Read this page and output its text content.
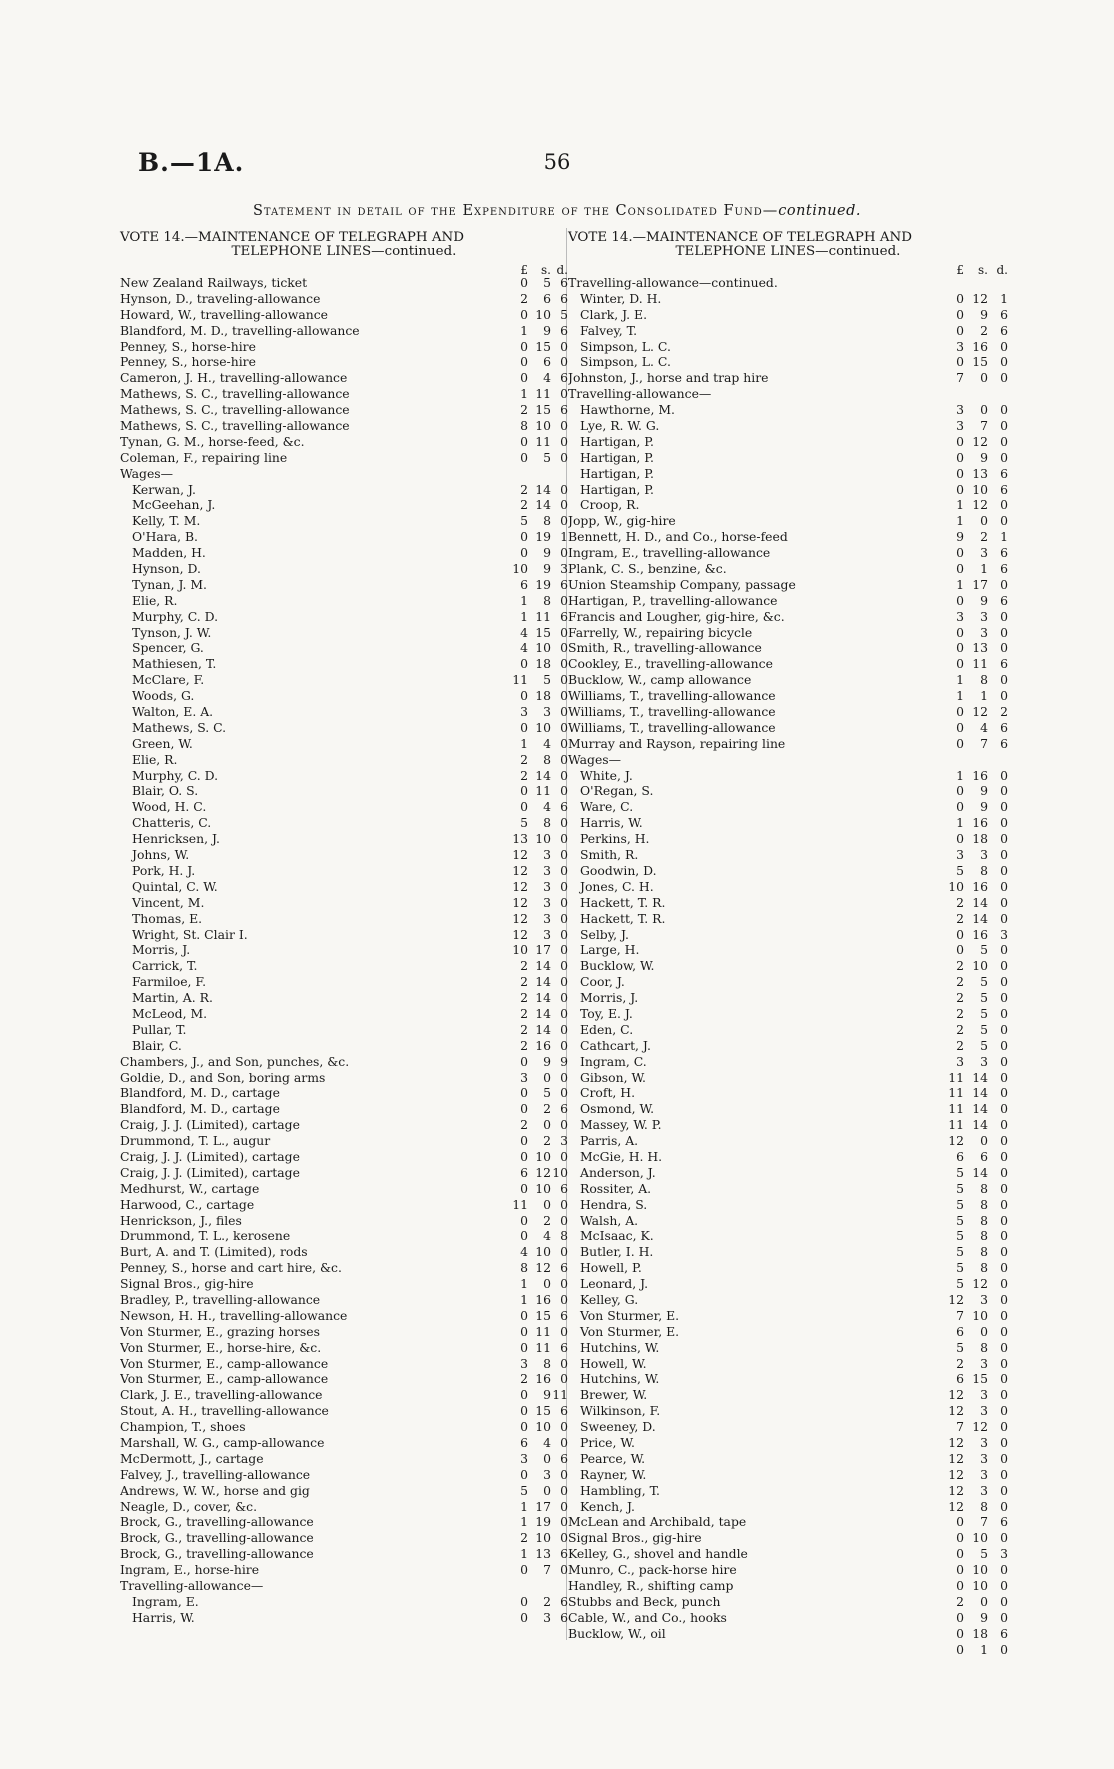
B.—1A.	56
Statement in detail of the Expenditure of the Consolidated Fund—continued.
VOTE 14.—MAINTENANCE OF TELEGRAPH AND
TELEPHONE LINES—continued.
£	s. d.
New Zealand Railways, ticket	0	5 6
Hynson, D., traveling-allowance	2	6 6
Howard, W., travelling-allowance	0 10 5
Blandford, M. D., travelling-allowance	1	9 6
Penney, S., horse-hire	0 15 0
Penney, S., horse-hire	0	6 0
Cameron, J. H., travelling-allowance	0	4 6
Mathews, S. C., travelling-allowance	1 11 0
Mathews, S. C., travelling-allowance	2 15 6
Mathews, S. C., travelling-allowance	8 10 0
Tynan, G. M., horse-feed, &c.	0 11 0
Coleman, F., repairing line	0	5 0
Wages—
Kerwan, J.	2 14 0
McGeehan, J.	2 14 0
Kelly, T. M.	5	8 0
O'Hara, B.	0 19 1
Madden, H.	0	9 0
Hynson, D.	10	9 3
Tynan, J. M.	6 19 6
Elie, R.	1	8 0
Murphy, C. D.	1 11 6
Tynson, J. W.	4 15 0
Spencer, G.	4 10 0
Mathiesen, T.	0 18 0
McClare, F.	11	5 0
Woods, G.	0 18 0
Walton, E. A.	3	3 0
Mathews, S. C.	0 10 0
Green, W.	1	4 0
Elie, R.	2	8 0
Murphy, C. D.	2 14 0
Blair, O. S.	0 11 0
Wood, H. C.	0	4 6
Chatteris, C.	5	8 0
Henricksen, J.	13 10 0
Johns, W.	12	3 0
Pork, H. J.	12	3 0
Quintal, C. W.	12	3 0
Vincent, M.	12	3 0
Thomas, E.	12	3 0
Wright, St. Clair I.	12	3 0
Morris, J.	10 17 0
Carrick, T.	2 14 0
Farmiloe, F.	2 14 0
Martin, A. R.	2 14 0
McLeod, M.	2 14 0
Pullar, T.	2 14 0
Blair, C.	2 16 0
Chambers, J., and Son, punches, &c.	0	9 9
Goldie, D., and Son, boring arms	3	0 0
Blandford, M. D., cartage	0	5 0
Blandford, M. D., cartage	0	2 6
Craig, J. J. (Limited), cartage	2	0 0
Drummond, T. L., augur	0	2 3
Craig, J. J. (Limited), cartage	0 10 0
Craig, J. J. (Limited), cartage	6 12 10
Medhurst, W., cartage	0 10 6
Harwood, C., cartage	11	0 0
Henrickson, J., files	0	2 0
Drummond, T. L., kerosene	0	4 8
Burt, A. and T. (Limited), rods	4 10 0
Penney, S., horse and cart hire, &c.	8 12 6
Signal Bros., gig-hire	1	0 0
Bradley, P., travelling-allowance	1 16 0
Newson, H. H., travelling-allowance	0 15 6
Von Sturmer, E., grazing horses	0 11 0
Von Sturmer, E., horse-hire, &c.	0 11 6
Von Sturmer, E., camp-allowance	3	8 0
Von Sturmer, E., camp-allowance	2 16 0
Clark, J. E., travelling-allowance	0	9 11
Stout, A. H., travelling-allowance	0 15 6
Champion, T., shoes	0 10 0
Marshall, W. G., camp-allowance	6	4 0
McDermott, J., cartage	3	0 6
Falvey, J., travelling-allowance	0	3 0
Andrews, W. W., horse and gig	5	0 0
Neagle, D., cover, &c.	1 17 0
Brock, G., travelling-allowance	1 19 0
Brock, G., travelling-allowance	2 10 0
Brock, G., travelling-allowance	1 13 6
Ingram, E., horse-hire	0	7 0
Travelling-allowance—
Ingram, E.	0	2 6
Harris, W.	0	3 6
VOTE 14.—MAINTENANCE OF TELEGRAPH AND
TELEPHONE LINES—continued.
£	s. d.
Travelling-allowance—continued.
Winter, D. H.	0 12 1
Clark, J. E.	0	9 6
Falvey, T.	0	2 6
Simpson, L. C.	3 16 0
Simpson, L. C.	0 15 0
Johnston, J., horse and trap hire	7	0 0
Travelling-allowance—
Hawthorne, M.	3	0 0
Lye, R. W. G.	3	7 0
Hartigan, P.	0 12 0
Hartigan, P.	0	9 0
Hartigan, P.	0 13 6
Hartigan, P.	0 10 6
Croop, R.	1 12 0
Jopp, W., gig-hire	1	0 0
Bennett, H. D., and Co., horse-feed	9	2 1
Ingram, E., travelling-allowance	0	3 6
Plank, C. S., benzine, &c.	0	1 6
Union Steamship Company, passage	1 17 0
Hartigan, P., travelling-allowance	0	9 6
Francis and Lougher, gig-hire, &c.	3	3 0
Farrelly, W., repairing bicycle	0	3 0
Smith, R., travelling-allowance	0 13 0
Cookley, E., travelling-allowance	0 11 6
Bucklow, W., camp allowance	1	8 0
Williams, T., travelling-allowance	1	1 0
Williams, T., travelling-allowance	0 12 2
Williams, T., travelling-allowance	0	4 6
Murray and Rayson, repairing line	0	7 6
Wages—
White, J.	1 16 0
O'Regan, S.	0	9 0
Ware, C.	0	9 0
Harris, W.	1 16 0
Perkins, H.	0 18 0
Smith, R.	3	3 0
Goodwin, D.	5	8 0
Jones, C. H.	10 16 0
Hackett, T. R.	2 14 0
Hackett, T. R.	2 14 0
Selby, J.	0 16 3
Large, H.	0	5 0
Bucklow, W.	2 10 0
Coor, J.	2	5 0
Morris, J.	2	5 0
Toy, E. J.	2	5 0
Eden, C.	2	5 0
Cathcart, J.	2	5 0
Ingram, C.	3	3 0
Gibson, W.	11 14 0
Croft, H.	11 14 0
Osmond, W.	11 14 0
Massey, W. P.	11 14 0
Parris, A.	12	0 0
McGie, H. H.	6	6 0
Anderson, J.	5 14 0
Rossiter, A.	5	8 0
Hendra, S.	5	8 0
Walsh, A.	5	8 0
McIsaac, K.	5	8 0
Butler, I. H.	5	8 0
Howell, P.	5	8 0
Leonard, J.	5 12 0
Kelley, G.	12	3 0
Von Sturmer, E.	7 10 0
Von Sturmer, E.	6	0 0
Hutchins, W.	5	8 0
Howell, W.	2	3 0
Hutchins, W.	6 15 0
Brewer, W.	12	3 0
Wilkinson, F.	12	3 0
Sweeney, D.	7 12 0
Price, W.	12	3 0
Pearce, W.	12	3 0
Rayner, W.	12	3 0
Hambling, T.	12	3 0
Kench, J.	12	8 0
McLean and Archibald, tape	0	7 6
Signal Bros., gig-hire	0 10 0
Kelley, G., shovel and handle	0	5 3
Munro, C., pack-horse hire	0 10 0
Handley, R., shifting camp	0 10 0
Stubbs and Beck, punch	2	0 0
Cable, W., and Co., hooks	0	9 0
Bucklow, W., oil	0 18 6
0	1 0
